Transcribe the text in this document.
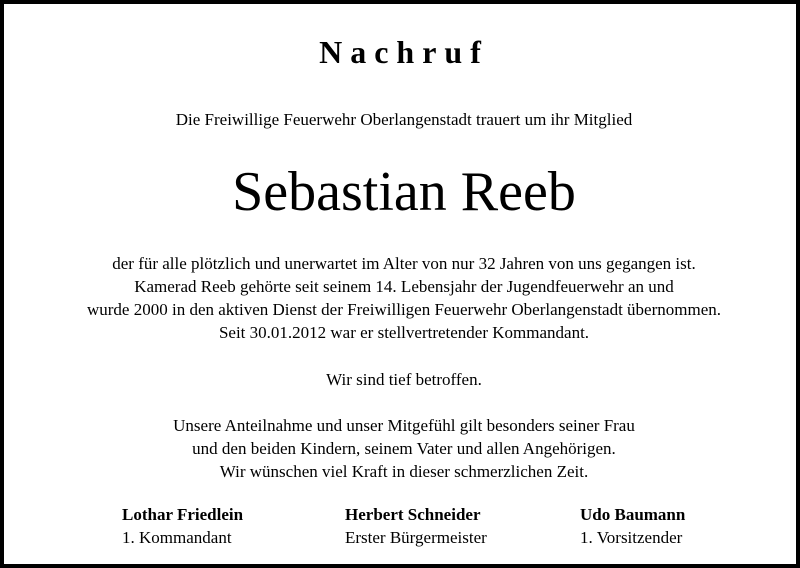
Nachruf
Die Freiwillige Feuerwehr Oberlangenstadt trauert um ihr Mitglied
Sebastian Reeb
der für alle plötzlich und unerwartet im Alter von nur 32 Jahren von uns gegangen ist.
Kamerad Reeb gehörte seit seinem 14. Lebensjahr der Jugendfeuerwehr an und
wurde 2000 in den aktiven Dienst der Freiwilligen Feuerwehr Oberlangenstadt übernommen.
Seit 30.01.2012 war er stellvertretender Kommandant.
Wir sind tief betroffen.
Unsere Anteilnahme und unser Mitgefühl gilt besonders seiner Frau
und den beiden Kindern, seinem Vater und allen Angehörigen.
Wir wünschen viel Kraft in dieser schmerzlichen Zeit.
Lothar Friedlein
1. Kommandant
Herbert Schneider
Erster Bürgermeister
Udo Baumann
1. Vorsitzender
